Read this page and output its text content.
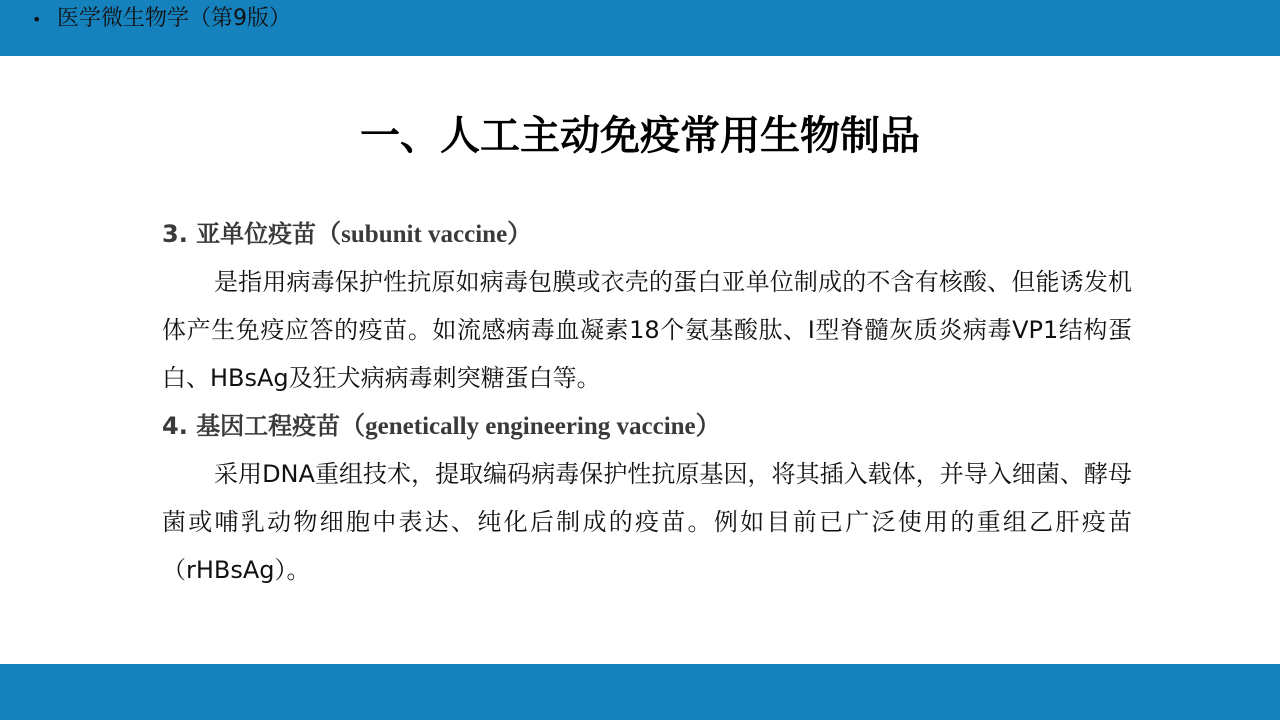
• 医学微生物学（第9版）
一、人工主动免疫常用生物制品
3. 亚单位疫苗（subunit vaccine）
是指用病毒保护性抗原如病毒包膜或衣壳的蛋白亚单位制成的不含有核酸、但能诱发机体产生免疫应答的疫苗。如流感病毒血凝素18个氨基酸肽、I型脊髓灰质炎病毒VP1结构蛋白、HBsAg及狂犬病病毒刺突糖蛋白等。
4. 基因工程疫苗（genetically engineering vaccine）
采用DNA重组技术，提取编码病毒保护性抗原基因，将其插入载体，并导入细菌、酵母菌或哺乳动物细胞中表达、纯化后制成的疫苗。例如目前已广泛使用的重组乙肝疫苗（rHBsAg）。
